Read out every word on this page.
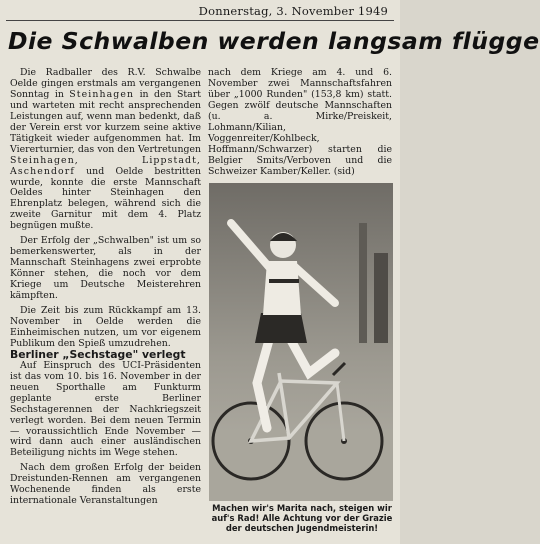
Donnerstag, 3. November 1949
Die Schwalben werden langsam flügge

Die Radballer des R.V. Schwalbe Oelde gingen erstmals am vergangenen Sonntag in Steinhagen in den Start und warteten mit recht ansprechenden Leistungen auf, wenn man bedenkt, daß der Verein erst vor kurzem seine aktive Tätigkeit wieder aufgenommen hat. Im Viererturnier, das von den Vertretungen Steinhagen, Lippstadt, Aschendorf und Oelde bestritten wurde, konnte die erste Mannschaft Oeldes hinter Steinhagen den Ehrenplatz belegen, während sich die zweite Garnitur mit dem 4. Platz begnügen mußte.

Der Erfolg der „Schwalben" ist um so bemerkenswerter, als in der Mannschaft Steinhagens zwei erprobte Könner stehen, die noch vor dem Kriege um Deutsche Meisterehren kämpften.

Die Zeit bis zum Rückkampf am 13. November in Oelde werden die Einheimischen nutzen, um vor eigenem Publikum den Spieß umzudrehen.

Berliner „Sechstage" verlegt

Auf Einspruch des UCI-Präsidenten ist das vom 10. bis 16. November in der neuen Sporthalle am Funkturm geplante erste Berliner Sechstagerennen der Nachkriegszeit verlegt worden. Bei dem neuen Termin — voraussichtlich Ende November — wird dann auch einer ausländischen Beteiligung nichts im Wege stehen.

Nach dem großen Erfolg der beiden Dreistunden-Rennen am vergangenen Wochenende finden als erste internationale Veranstaltungen

nach dem Kriege am 4. und 6. November zwei Mannschaftsfahren über „1000 Runden" (153,8 km) statt. Gegen zwölf deutsche Mannschaften (u. a. Mirke/Preiskeit, Lohmann/Kilian, Voggenreiter/Kohlbeck, Hoffmann/Schwarzer) starten die Belgier Smits/Verboven und die Schweizer Kamber/Keller. (sid)

Machen wir's Marita nach, steigen wir auf's Rad! Alle Achtung vor der Grazie der deutschen Jugendmeisterin!
